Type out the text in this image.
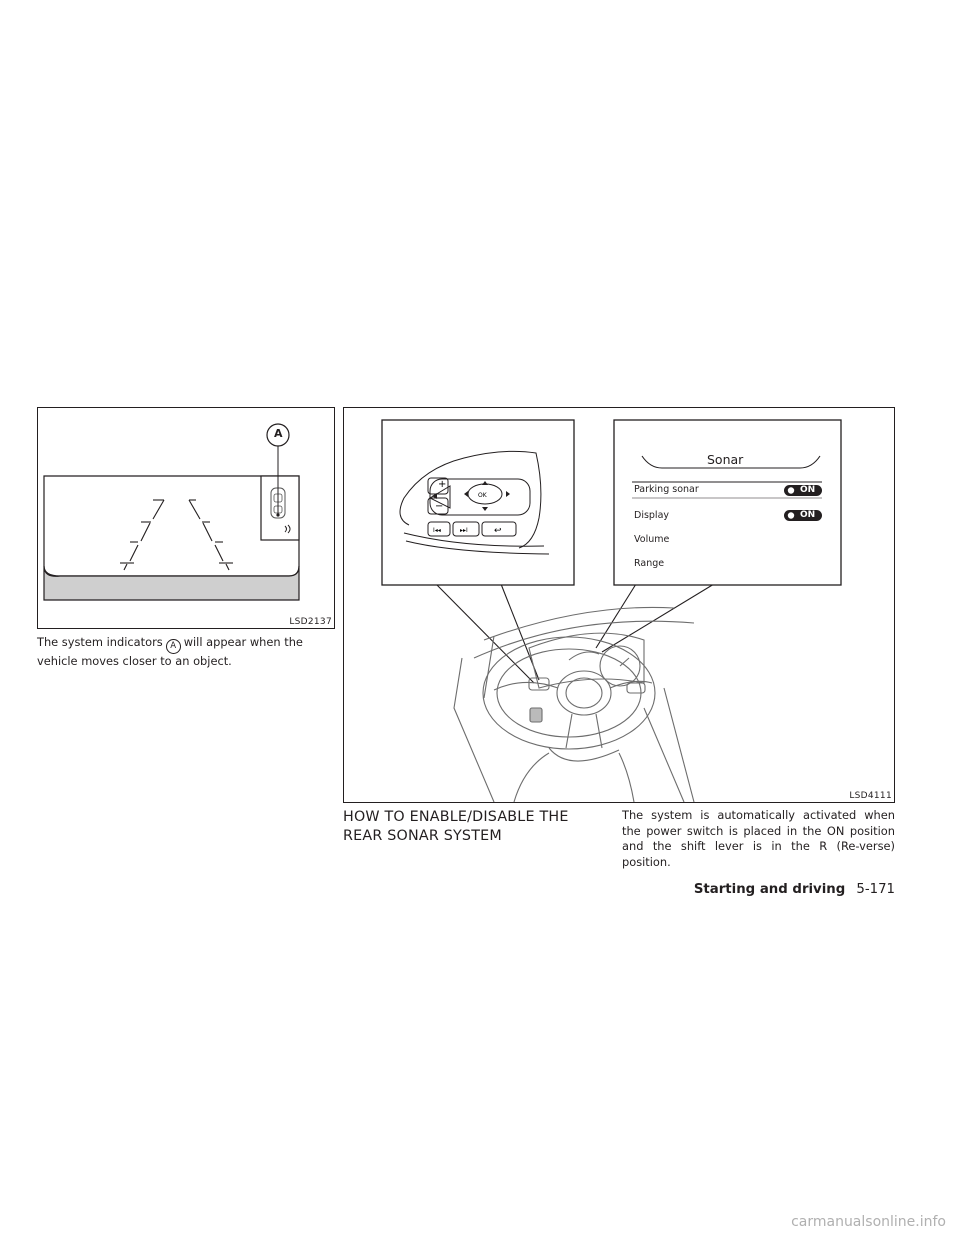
A
LSD2137
The system indicators A will appear when the vehicle moves closer to an object.
+
−
OK
I◂◂	▸▸I	↩
Sonar
Parking sonar	ON
Display	ON
Volume
Range
LSD4111
HOW TO ENABLE/DISABLE THE REAR SONAR SYSTEM
The system is automatically activated when the power switch is placed in the ON position and the shift lever is in the R (Re-verse) position.
Starting and driving 5-171
carmanualsonline.info
